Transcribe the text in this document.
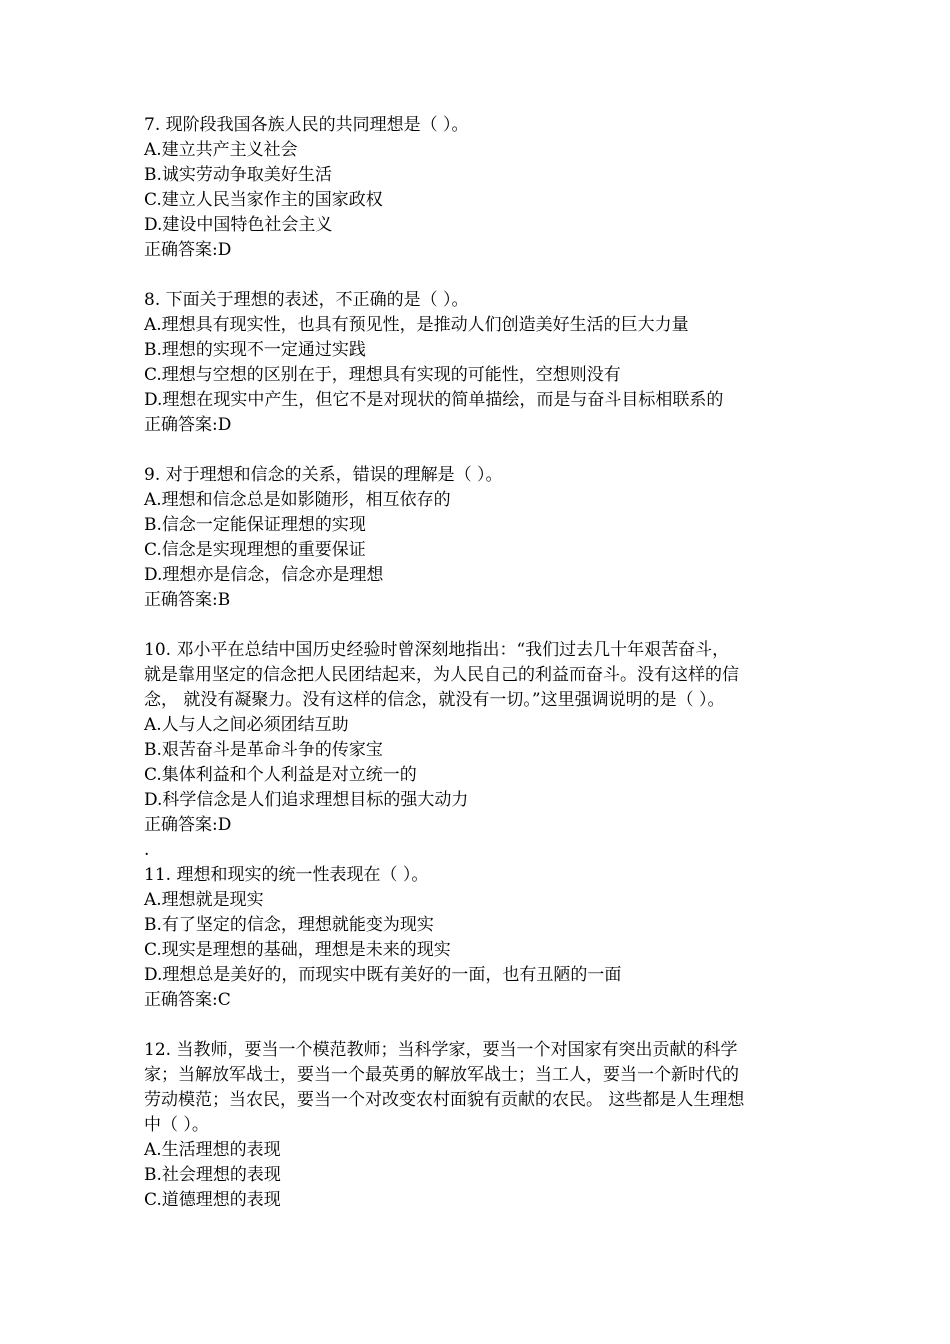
7. 现阶段我国各族人民的共同理想是（ ）。
A.建立共产主义社会
B.诚实劳动争取美好生活
C.建立人民当家作主的国家政权
D.建设中国特色社会主义
正确答案:D
8. 下面关于理想的表述，不正确的是（ ）。
A.理想具有现实性，也具有预见性，是推动人们创造美好生活的巨大力量
B.理想的实现不一定通过实践
C.理想与空想的区别在于，理想具有实现的可能性，空想则没有
D.理想在现实中产生，但它不是对现状的简单描绘，而是与奋斗目标相联系的
正确答案:D
9. 对于理想和信念的关系，错误的理解是（ ）。
A.理想和信念总是如影随形，相互依存的
B.信念一定能保证理想的实现
C.信念是实现理想的重要保证
D.理想亦是信念，信念亦是理想
正确答案:B
10. 邓小平在总结中国历史经验时曾深刻地指出：“我们过去几十年艰苦奋斗，
就是靠用坚定的信念把人民团结起来，为人民自己的利益而奋斗。没有这样的信
念， 就没有凝聚力。没有这样的信念，就没有一切。”这里强调说明的是（ ）。
A.人与人之间必须团结互助
B.艰苦奋斗是革命斗争的传家宝
C.集体利益和个人利益是对立统一的
D.科学信念是人们追求理想目标的强大动力
正确答案:D
.
11. 理想和现实的统一性表现在（ ）。
A.理想就是现实
B.有了坚定的信念，理想就能变为现实
C.现实是理想的基础，理想是未来的现实
D.理想总是美好的，而现实中既有美好的一面，也有丑陋的一面
正确答案:C
12. 当教师，要当一个模范教师；当科学家，要当一个对国家有突出贡献的科学
家；当解放军战士，要当一个最英勇的解放军战士；当工人，要当一个新时代的
劳动模范；当农民，要当一个对改变农村面貌有贡献的农民。 这些都是人生理想
中（ ）。
A.生活理想的表现
B.社会理想的表现
C.道德理想的表现
